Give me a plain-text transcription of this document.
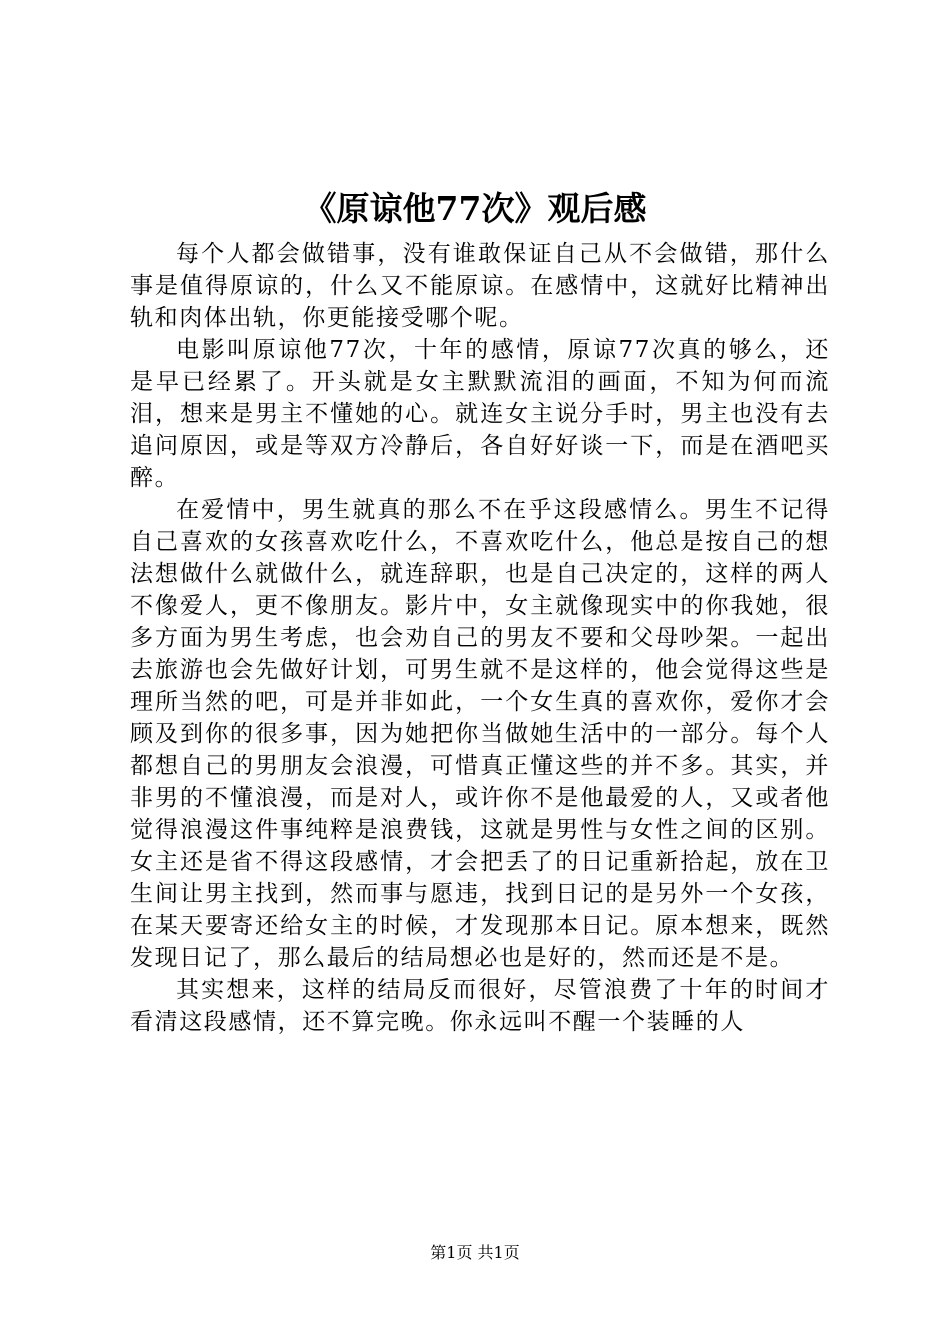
《原谅他77次》观后感

每个人都会做错事，没有谁敢保证自己从不会做错，那什么事是值得原谅的，什么又不能原谅。在感情中，这就好比精神出轨和肉体出轨，你更能接受哪个呢。

电影叫原谅他77次，十年的感情，原谅77次真的够么，还是早已经累了。开头就是女主默默流泪的画面，不知为何而流泪，想来是男主不懂她的心。就连女主说分手时，男主也没有去追问原因，或是等双方冷静后，各自好好谈一下，而是在酒吧买醉。

在爱情中，男生就真的那么不在乎这段感情么。男生不记得自己喜欢的女孩喜欢吃什么，不喜欢吃什么，他总是按自己的想法想做什么就做什么，就连辞职，也是自己决定的，这样的两人不像爱人，更不像朋友。影片中，女主就像现实中的你我她，很多方面为男生考虑，也会劝自己的男友不要和父母吵架。一起出去旅游也会先做好计划，可男生就不是这样的，他会觉得这些是理所当然的吧，可是并非如此，一个女生真的喜欢你，爱你才会顾及到你的很多事，因为她把你当做她生活中的一部分。每个人都想自己的男朋友会浪漫，可惜真正懂这些的并不多。其实，并非男的不懂浪漫，而是对人，或许你不是他最爱的人，又或者他觉得浪漫这件事纯粹是浪费钱，这就是男性与女性之间的区别。女主还是省不得这段感情，才会把丢了的日记重新拾起，放在卫生间让男主找到，然而事与愿违，找到日记的是另外一个女孩，在某天要寄还给女主的时候，才发现那本日记。原本想来，既然发现日记了，那么最后的结局想必也是好的，然而还是不是。

其实想来，这样的结局反而很好，尽管浪费了十年的时间才看清这段感情，还不算完晚。你永远叫不醒一个装睡的人

第1页 共1页
